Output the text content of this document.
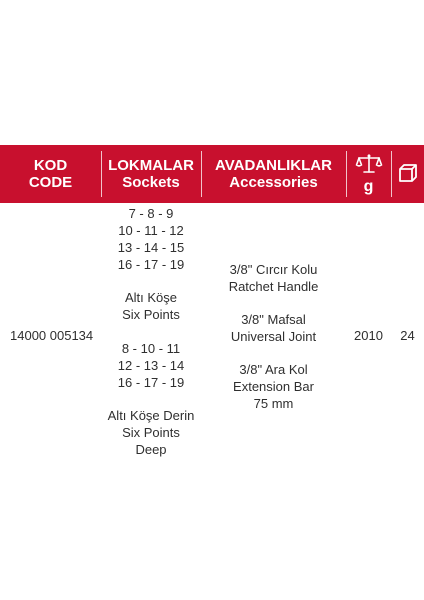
KOD
CODE
LOKMALAR
Sockets
AVADANLIKLAR
Accessories	g
14000 005134
7 - 8 - 9
10 - 11 - 12
13 - 14 - 15
16 - 17 - 19
Altı Köşe
Six Points
8 - 10 - 11
12 - 13 - 14
16 - 17 - 19
Altı Köşe Derin
Six Points
Deep
3/8" Cırcır Kolu
Ratchet Handle
3/8" Mafsal
Universal Joint
3/8" Ara Kol
Extension Bar
75 mm
2010 24
